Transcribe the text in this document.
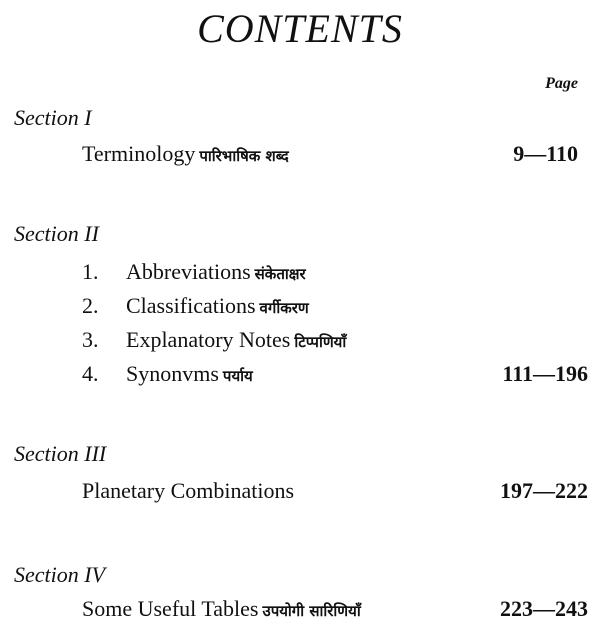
CONTENTS
Page
Section I
Terminology पारिभाषिक शब्द	9—110
Section II
1. Abbreviations संकेताक्षर
2. Classifications वर्गीकरण
3. Explanatory Notes टिप्पणियाँ
4. Synonvms पर्याय	111—196
Section III
Planetary Combinations	197—222
Section IV
Some Useful Tables उपयोगी सारिणियाँ	223—243
